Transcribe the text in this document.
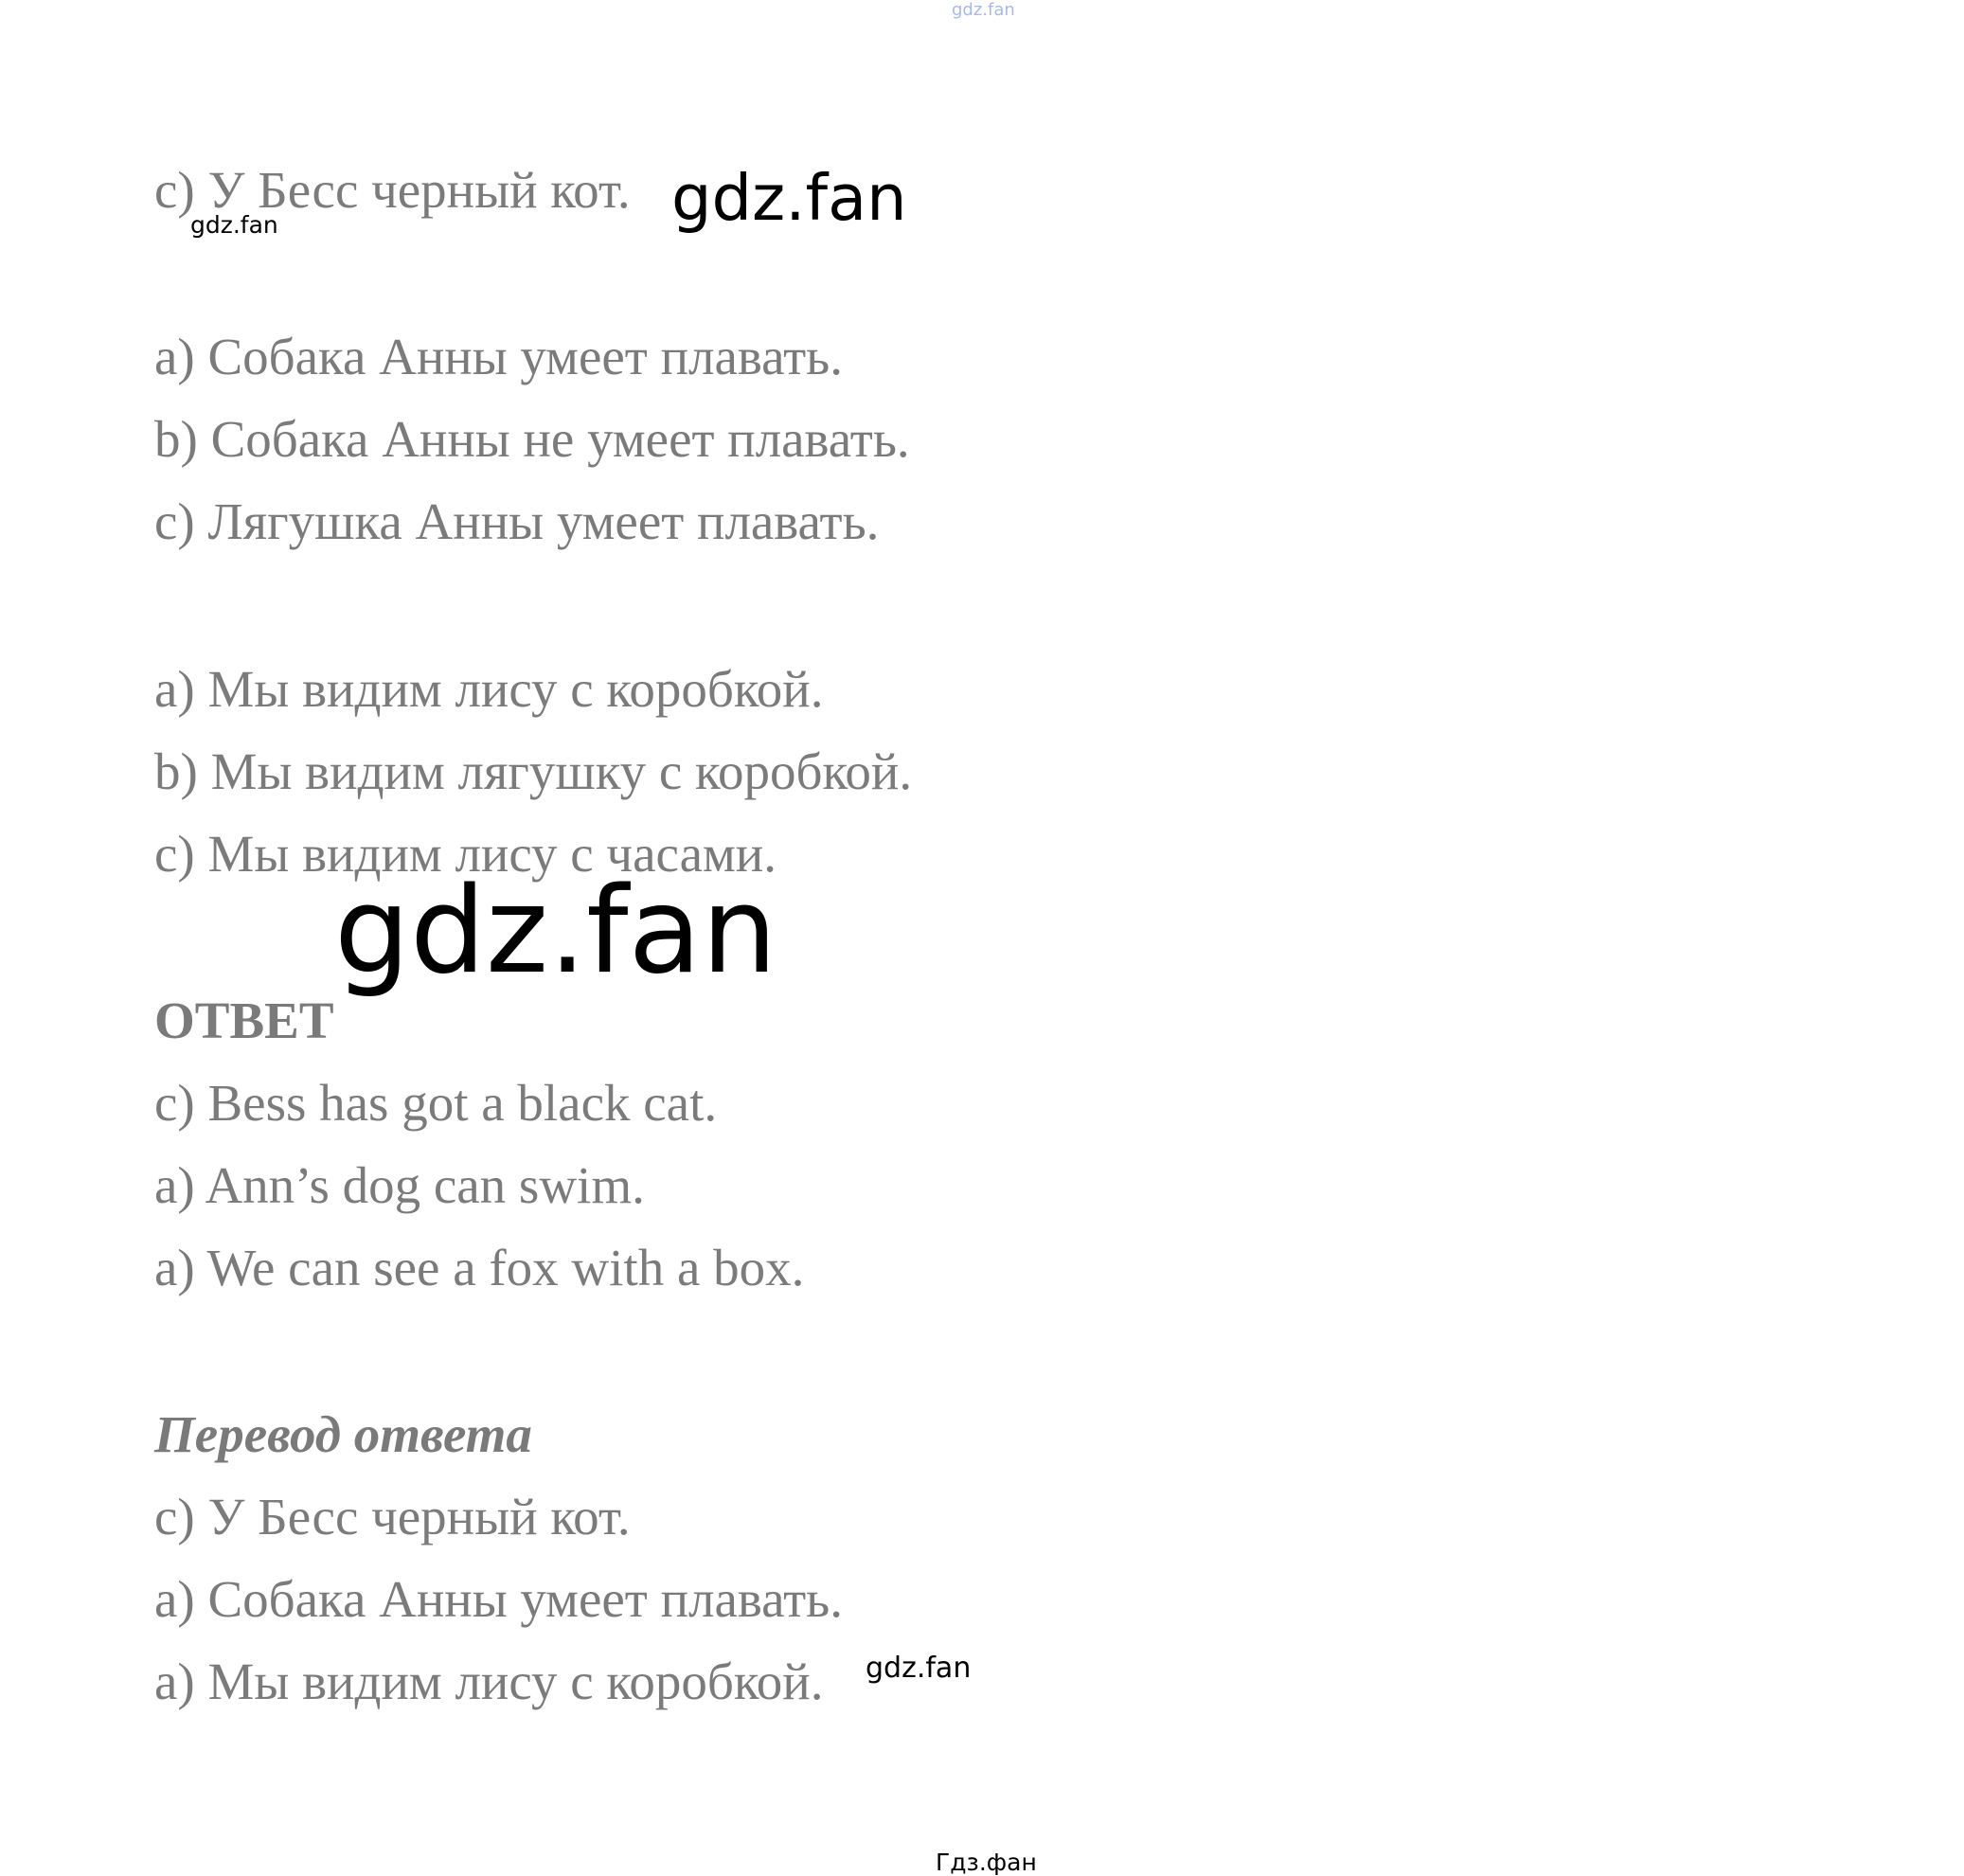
c) У Бесс черный кот.
a) Собака Анны умеет плавать.
b) Собака Анны не умеет плавать.
c) Лягушка Анны умеет плавать.
a) Мы видим лису с коробкой.
b) Мы видим лягушку с коробкой.
c) Мы видим лису с часами.
ОТВЕТ
c) Bess has got a black cat.
a) Ann’s dog can swim.
a) We can see a fox with a box.
Перевод ответа
c) У Бесс черный кот.
a) Собака Анны умеет плавать.
a) Мы видим лису с коробкой.
gdz.fan
gdz.fan
gdz.fan
gdz.fan
gdz.fan
Гдз.фан
